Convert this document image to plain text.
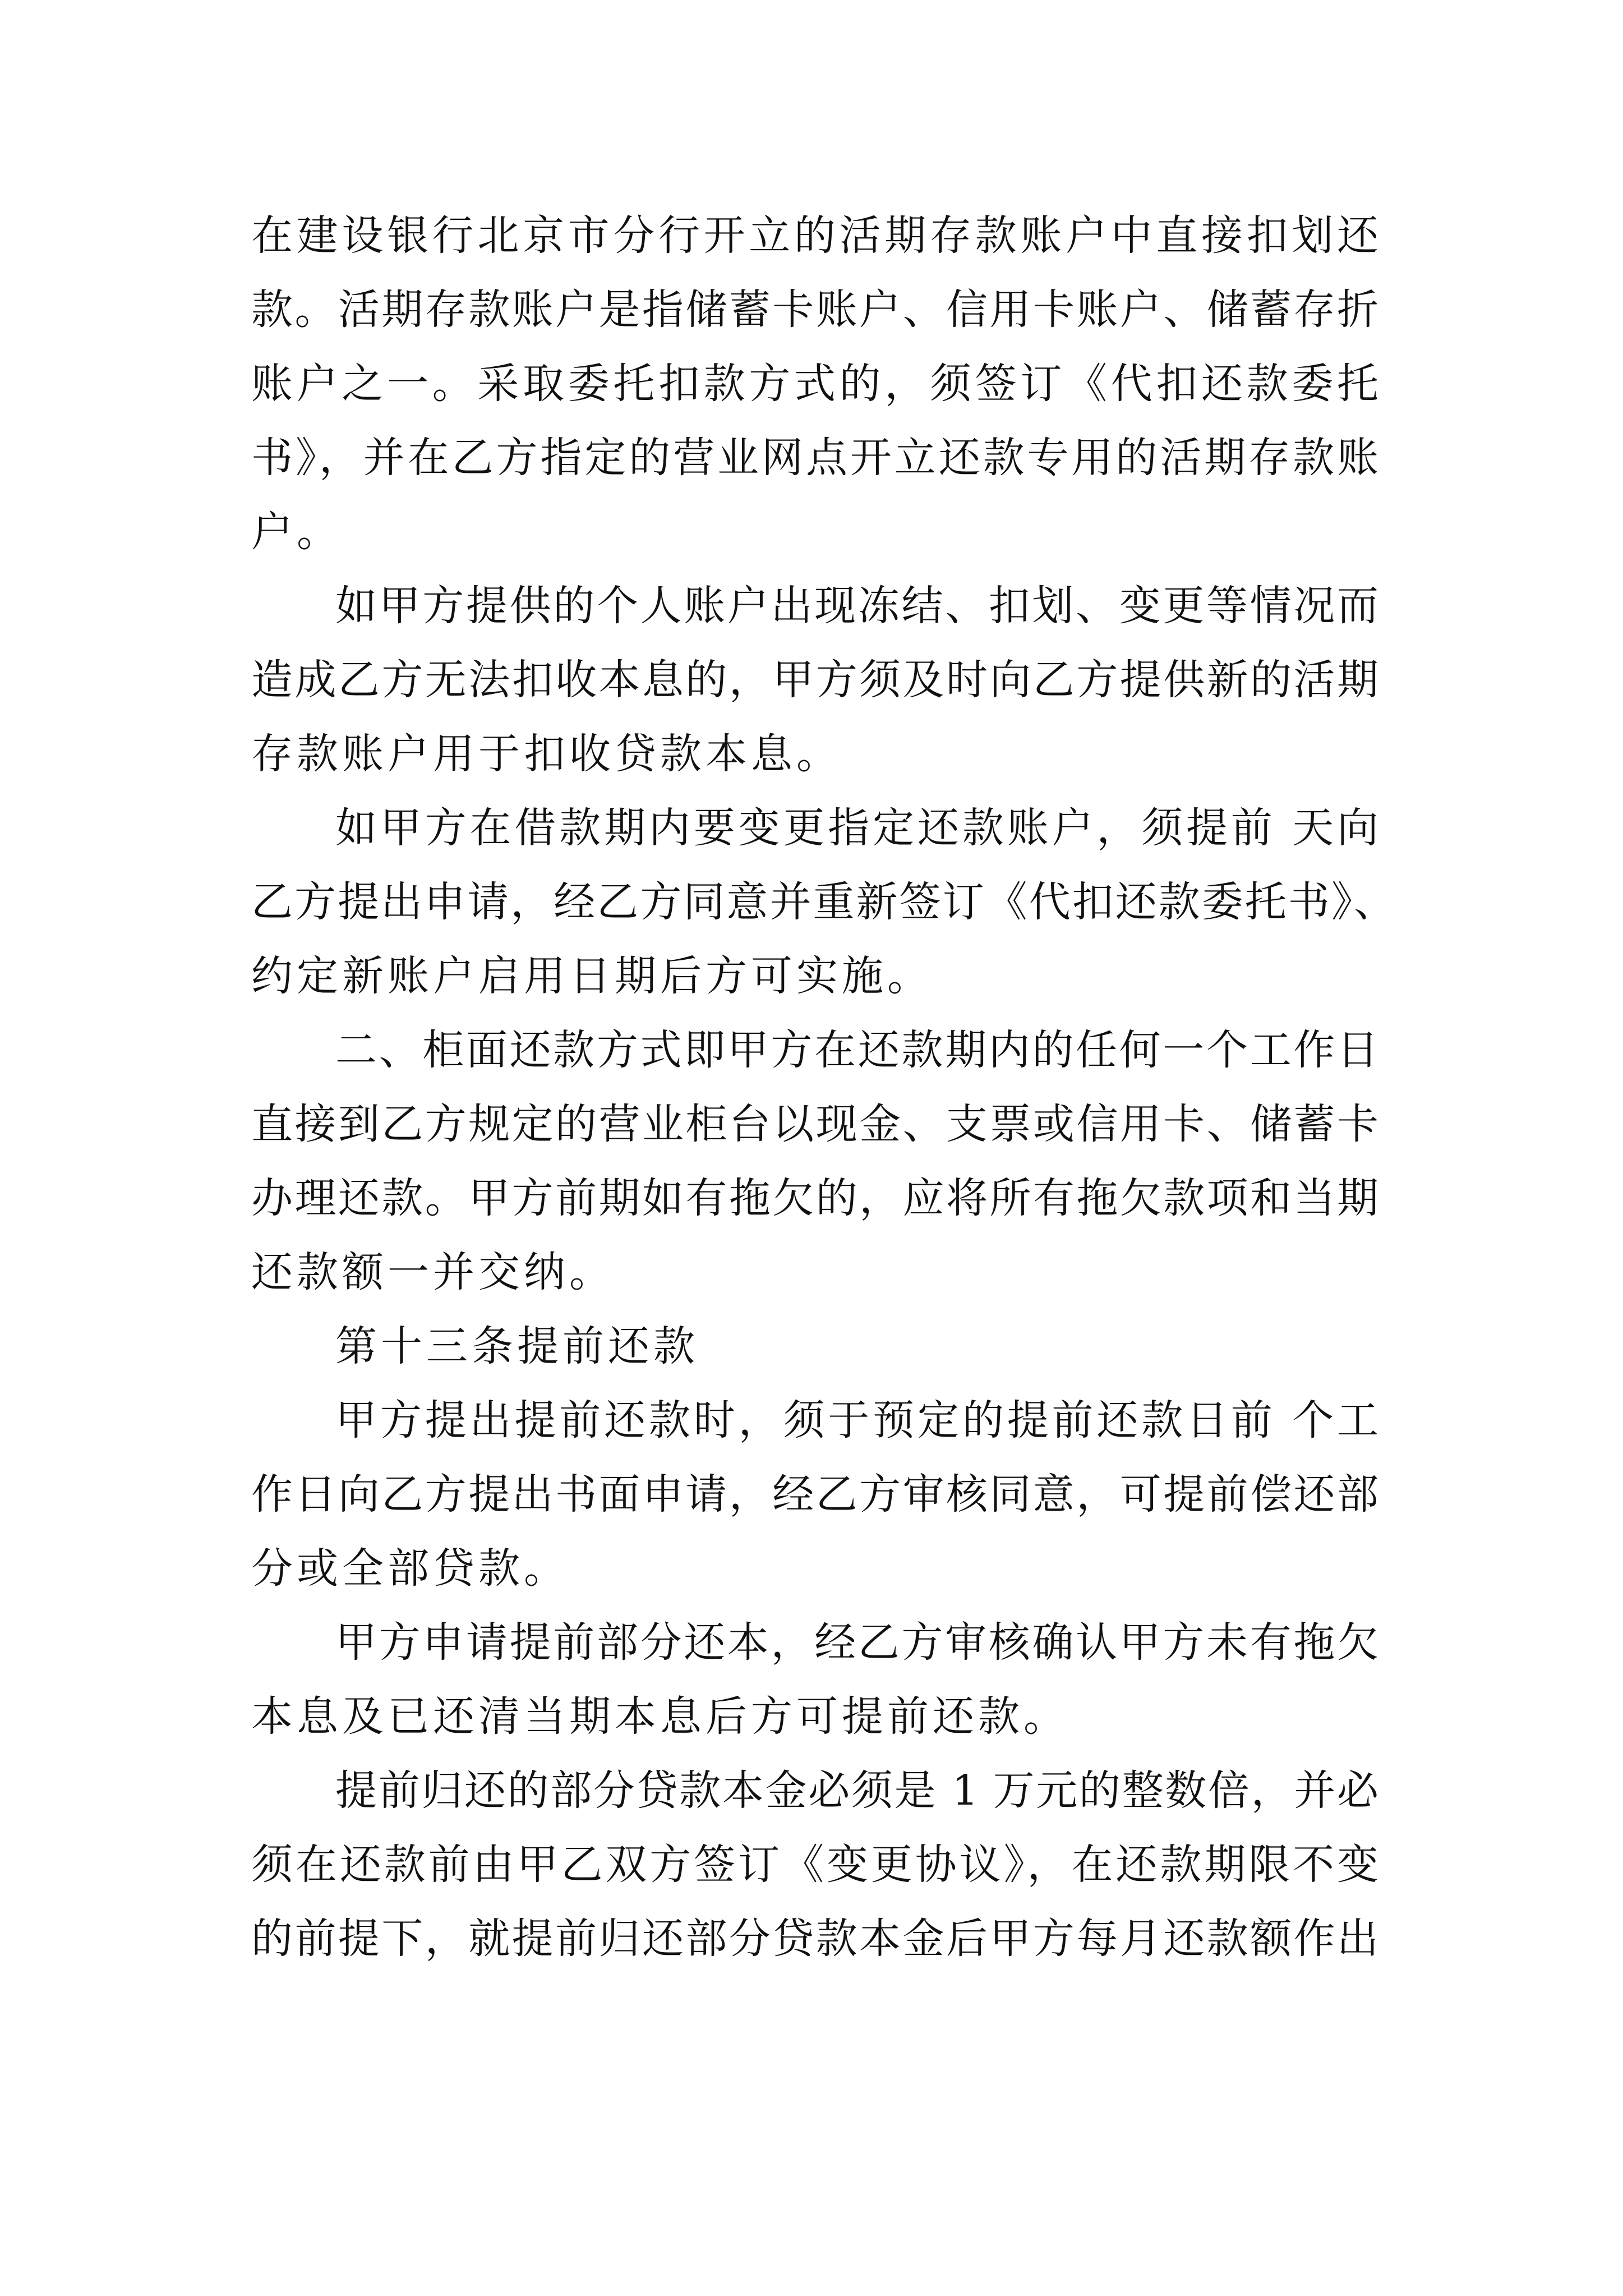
在建设银行北京市分行开立的活期存款账户中直接扣划还
款。活期存款账户是指储蓄卡账户、信用卡账户、储蓄存折
账户之一。采取委托扣款方式的，须签订《代扣还款委托
书》，并在乙方指定的营业网点开立还款专用的活期存款账
户。
如甲方提供的个人账户出现冻结、扣划、变更等情况而
造成乙方无法扣收本息的，甲方须及时向乙方提供新的活期
存款账户用于扣收贷款本息。
如甲方在借款期内要变更指定还款账户，须提前 天向
乙方提出申请，经乙方同意并重新签订《代扣还款委托书》、
约定新账户启用日期后方可实施。
二、柜面还款方式即甲方在还款期内的任何一个工作日
直接到乙方规定的营业柜台以现金、支票或信用卡、储蓄卡
办理还款。甲方前期如有拖欠的，应将所有拖欠款项和当期
还款额一并交纳。
第十三条提前还款
甲方提出提前还款时，须于预定的提前还款日前 个工
作日向乙方提出书面申请，经乙方审核同意，可提前偿还部
分或全部贷款。
甲方申请提前部分还本，经乙方审核确认甲方未有拖欠
本息及已还清当期本息后方可提前还款。
提前归还的部分贷款本金必须是 1 万元的整数倍，并必
须在还款前由甲乙双方签订《变更协议》，在还款期限不变
的前提下，就提前归还部分贷款本金后甲方每月还款额作出
